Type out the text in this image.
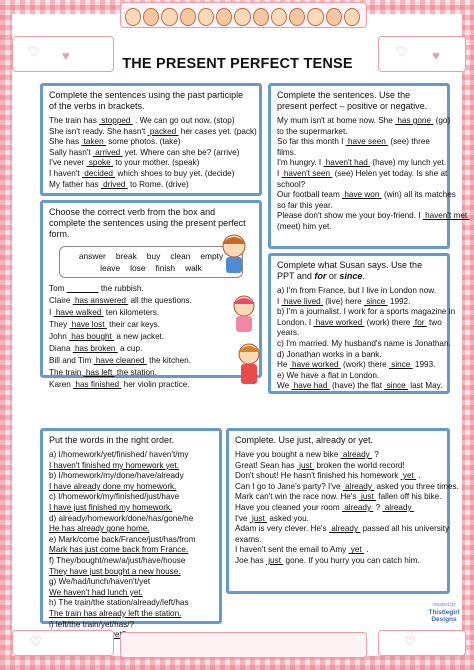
♡ ♥	♡ ♥
THE PRESENT PERFECT TENSE
Complete the sentences using the past participle of the verbs in brackets.
The train has  stopped  . We can go out now. (stop)
She isn't ready. She hasn't  packed  her cases yet. (pack)
She has  taken  some photos. (take)
Sally hasn't  arrived  yet. Where can she be? (arrive)
I've never  spoke  to your mother. (speak)
I haven't  decided  which shoes to buy yet. (decide)
My father has  drived  to Rome. (drive)
Choose the correct verb from the box and complete the sentences using the present perfect form.
answer break buy clean empty
leave lose finish walk
Tom	the rubbish.
Claire  has answered  all the questions.
I  have walked  ten kilometers.
They  have lost  their car keys.
John  has bought  a new jacket.
Diana  has broken  a cup.
Bill and Tim  have cleaned  the kitchen.
The train  has left  the station.
Karen  has finished  her violin practice.
Complete the sentences. Use the present perfect – positive or negative.
My mum isn't at home now. She  has gone  (go)
to the supermarket.
So far this month I  have seen  (see) three
films.
I'm hungry. I  haven't had  (have) my lunch yet.
I  haven't seen  (see) Helen yet today. Is she at
school?
Our football team  have won  (win) all its matches
so far this year.
Please don't show me your boy-friend. I  haven't met
(meet) him yet.
Complete what Susan says. Use the PPT and for or since.
a) I'm from France, but I live in London now.
I  have lived  (live) here  since  1992.
b) I'm a journalist. I work for a sports magazine in
London. I  have worked  (work) there  for  two
years.
c) I'm married. My husband's name is Jonathan.
d) Jonathan works in a bank.
He  have worked  (work) there  since  1993.
e) We have a flat in London.
We  have had  (have) the flat  since  last May.
Put the words in the right order.
a) I/homework/yet/finished/ haven't/my
I haven't finished my homework yet.
b) I/homework/my/done/have/already
I have already done my homework.
c) I/homework/my/finished/just/have
I have just finished my homework.
d) already/homework/done/has/gone/he
He has already gone home.
e) Mark/come back/France/just/has/from
Mark has just come back from France.
f) They/bought/new/a/just/have/house
They have just bought a new house.
g) We/had/lunch/haven't/yet
We haven't had lunch yet.
h) The train/the station/already/left/has
The train has already left the station.
i) left/the train/yet/has/?
yet?
Complete. Use just, already or yet.
Have you bought a new bike  already  ?
Great! Sean has  just  broken the world record!
Don't shout! He hasn't finished his homework  yet  .
Can I go to Jane's party? I've  already  asked you three times.
Mark can't win the race now. He's  just  fallen off his bike.
Have you cleaned your room  already  ?  already
I've  just  asked you.
Adam is very clever. He's  already  passed all his university
exams.
I haven't sent the email to Amy  yet  .
Joe has  just  gone. If you hurry you can catch him.
♡	♡
created by
Thistlegirl
Designs
